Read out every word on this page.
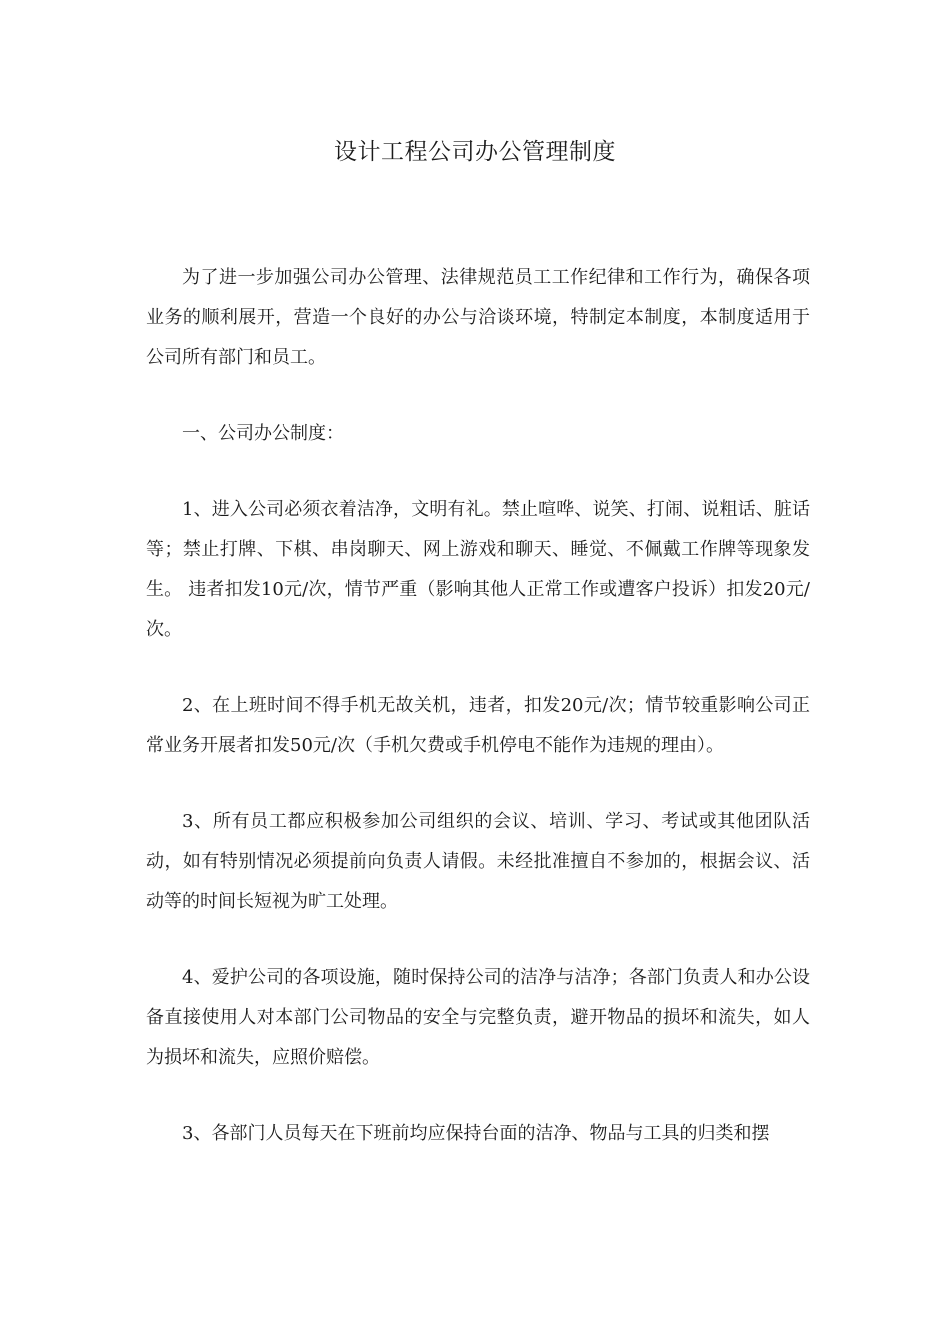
设计工程公司办公管理制度

为了进一步加强公司办公管理、法律规范员工工作纪律和工作行为，确保各项业务的顺利展开，营造一个良好的办公与洽谈环境，特制定本制度，本制度适用于公司所有部门和员工。

一、公司办公制度：

1、进入公司必须衣着洁净，文明有礼。禁止喧哗、说笑、打闹、说粗话、脏话等；禁止打牌、下棋、串岗聊天、网上游戏和聊天、睡觉、不佩戴工作牌等现象发生。 违者扣发10元/次，情节严重（影响其他人正常工作或遭客户投诉）扣发20元/次。

2、在上班时间不得手机无故关机，违者，扣发20元/次；情节较重影响公司正常业务开展者扣发50元/次（手机欠费或手机停电不能作为违规的理由）。

3、所有员工都应积极参加公司组织的会议、培训、学习、考试或其他团队活动，如有特别情况必须提前向负责人请假。未经批准擅自不参加的，根据会议、活动等的时间长短视为旷工处理。

4、爱护公司的各项设施，随时保持公司的洁净与洁净；各部门负责人和办公设备直接使用人对本部门公司物品的安全与完整负责，避开物品的损坏和流失，如人为损坏和流失，应照价赔偿。

3、各部门人员每天在下班前均应保持台面的洁净、物品与工具的归类和摆
